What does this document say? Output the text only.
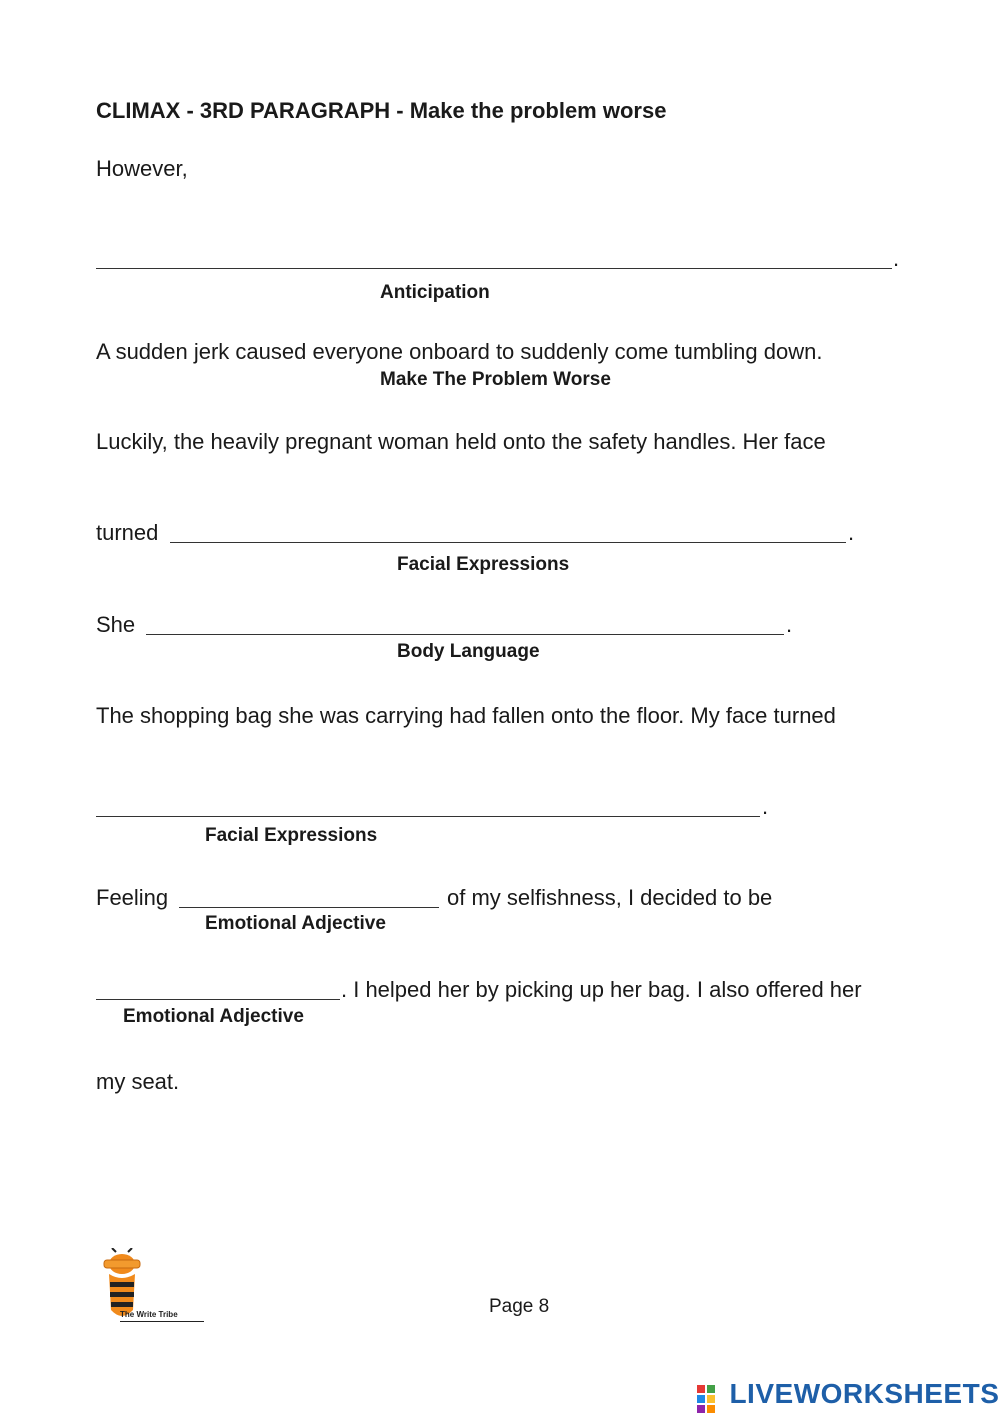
CLIMAX - 3RD PARAGRAPH - Make the problem worse
However,
.
Anticipation
A sudden jerk caused everyone onboard to suddenly come tumbling down.
Make The Problem Worse
Luckily, the heavily pregnant woman held onto the safety handles. Her face
turned	.
Facial Expressions
She	.
Body Language
The shopping bag she was carrying had fallen onto the floor. My face turned
.
Facial Expressions
Feeling	of my selfishness, I decided to be
Emotional Adjective
. I helped her by picking up her bag. I also offered her
Emotional Adjective
my seat.
The Write Tribe	Page 8
LIVEWORKSHEETS
